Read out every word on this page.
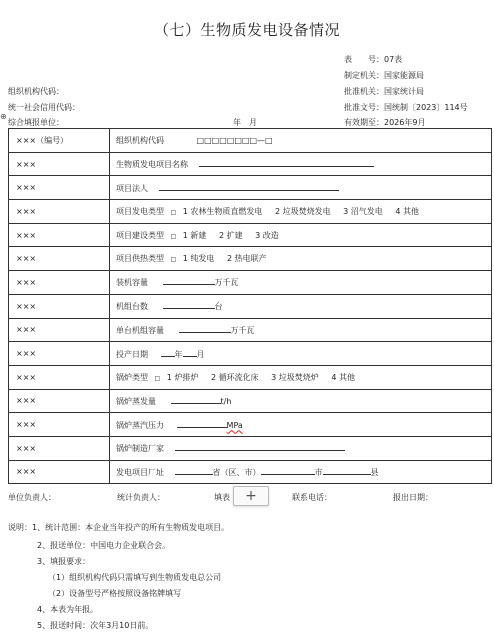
（七）生物质发电设备情况
表　　号：07表
制定机关：国家能源局
批准机关：国家统计局
批准文号：国统制〔2023〕114号
有效期至：2026年9月
组织机构代码：
统一社会信用代码：
⊕
综合填报单位：	年　月
×××（编号）	组织机构代码 □□□□□□□□—□
×××	生物质发电项目名称
×××	项目法人
×××	项目发电类型 □ 1 农林生物质直燃发电 2 垃圾焚烧发电 3 沼气发电 4 其他
×××	项目建设类型 □ 1 新建 2 扩建 3 改造
×××	项目供热类型 □ 1 纯发电 2 热电联产
×××	装机容量 万千瓦
×××	机组台数 台
×××	单台机组容量 万千瓦
×××	投产日期 年 月
×××	锅炉类型 □ 1 炉排炉 2 循环流化床 3 垃圾焚烧炉 4 其他
×××	锅炉蒸发量 t/h
×××	锅炉蒸汽压力 MPa
×××	锅炉制造厂家
×××	发电项目厂址 省（区、市） 市 县
单位负责人：	统计负责人：	填表	+	联系电话：	报出日期：
说明：1、统计范围：本企业当年投产的所有生物质发电项目。
2、报送单位：中国电力企业联合会。
3、填报要求：
（1）组织机构代码只需填写到生物质发电总公司
（2）设备型号严格按照设备铭牌填写
4、本表为年报。
5、报送时间：次年3月10日前。
